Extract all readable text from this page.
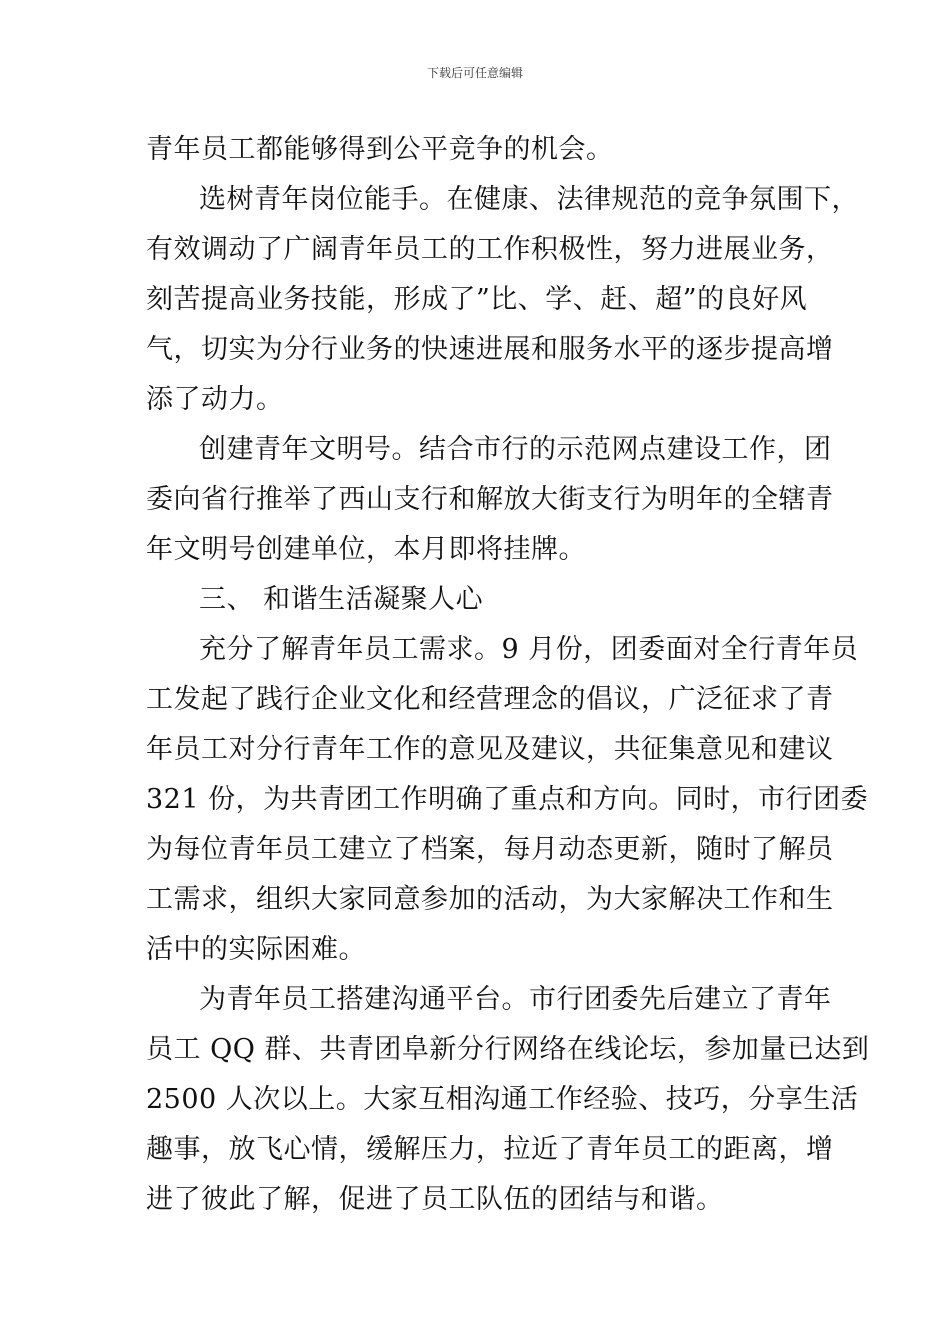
下载后可任意编辑
青年员工都能够得到公平竞争的机会。
选树青年岗位能手。在健康、法律规范的竞争氛围下，
有效调动了广阔青年员工的工作积极性，努力进展业务，
刻苦提高业务技能，形成了”比、学、赶、超”的良好风
气，切实为分行业务的快速进展和服务水平的逐步提高增
添了动力。
创建青年文明号。结合市行的示范网点建设工作，团
委向省行推举了西山支行和解放大街支行为明年的全辖青
年文明号创建单位，本月即将挂牌。
三、 和谐生活凝聚人心
充分了解青年员工需求。9 月份，团委面对全行青年员
工发起了践行企业文化和经营理念的倡议，广泛征求了青
年员工对分行青年工作的意见及建议，共征集意见和建议
321 份，为共青团工作明确了重点和方向。同时，市行团委
为每位青年员工建立了档案，每月动态更新，随时了解员
工需求，组织大家同意参加的活动，为大家解决工作和生
活中的实际困难。
为青年员工搭建沟通平台。市行团委先后建立了青年
员工 QQ 群、共青团阜新分行网络在线论坛，参加量已达到
2500 人次以上。大家互相沟通工作经验、技巧，分享生活
趣事，放飞心情，缓解压力，拉近了青年员工的距离，增
进了彼此了解，促进了员工队伍的团结与和谐。
